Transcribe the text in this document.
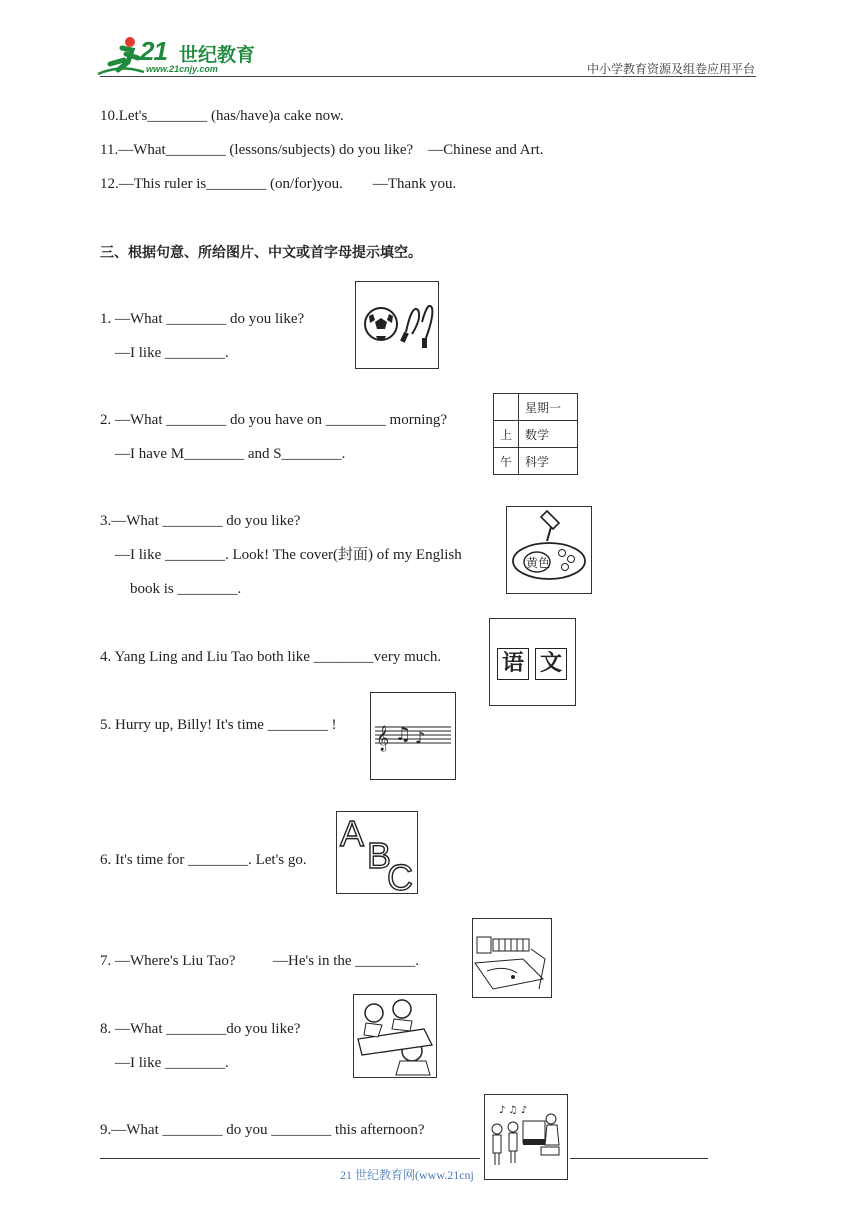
21 世纪教育
www.21cnjy.com	中小学教育资源及组卷应用平台
10.Let's________ (has/have)a cake now.
11.—What________ (lessons/subjects) do you like?    —Chinese and Art.
12.—This ruler is________ (on/for)you.        —Thank you.
三、根据句意、所给图片、中文或首字母提示填空。
1. —What ________ do you like?
—I like ________.
2. —What ________ do you have on ________ morning?
—I have M________ and S________.
	星期一
上	数学
午	科学
3.—What ________ do you like?
—I like ________. Look! The cover(封面) of my English
book is ________.
黄色
4. Yang Ling and Liu Tao both like ________very much.	语 文
5. Hurry up, Billy! It's time ________ !
𝄞 ♫ ♪
6. It's time for ________. Let's go.
A
B
C
7. —Where's Liu Tao?          —He's in the ________.
8. —What ________do you like?
—I like ________.
9.—What ________ do you ________ this afternoon?
♪ ♫ ♪
21 世纪教育网(www.21cnj
